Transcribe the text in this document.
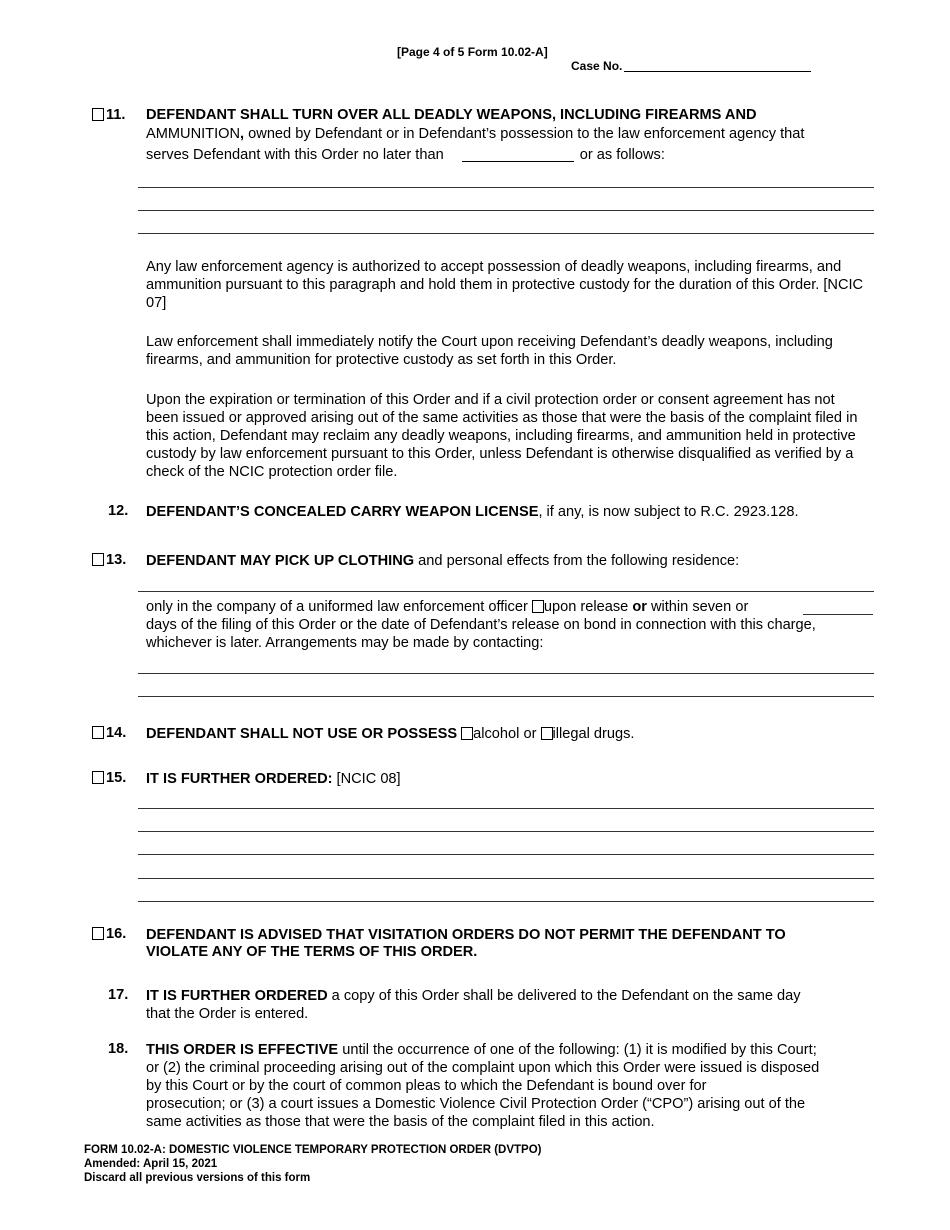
[Page 4 of 5 Form 10.02-A]
Case No.
11. DEFENDANT SHALL TURN OVER ALL DEADLY WEAPONS, INCLUDING FIREARMS AND
AMMUNITION, owned by Defendant or in Defendant’s possession to the law enforcement agency that
serves Defendant with this Order no later than	or as follows:
Any law enforcement agency is authorized to accept possession of deadly weapons, including firearms, and ammunition pursuant to this paragraph and hold them in protective custody for the duration of this Order. [NCIC 07]
Law enforcement shall immediately notify the Court upon receiving Defendant’s deadly weapons, including firearms, and ammunition for protective custody as set forth in this Order.
Upon the expiration or termination of this Order and if a civil protection order or consent agreement has not been issued or approved arising out of the same activities as those that were the basis of the complaint filed in this action, Defendant may reclaim any deadly weapons, including firearms, and ammunition held in protective custody by law enforcement pursuant to this Order, unless Defendant is otherwise disqualified as verified by a check of the NCIC protection order file.
12. DEFENDANT’S CONCEALED CARRY WEAPON LICENSE, if any, is now subject to R.C. 2923.128.
13. DEFENDANT MAY PICK UP CLOTHING and personal effects from the following residence:
only in the company of a uniformed law enforcement officer upon release or within seven or
days of the filing of this Order or the date of Defendant’s release on bond in connection with this charge,
whichever is later. Arrangements may be made by contacting:
14. DEFENDANT SHALL NOT USE OR POSSESS alcohol or illegal drugs.
15. IT IS FURTHER ORDERED: [NCIC 08]
16. DEFENDANT IS ADVISED THAT VISITATION ORDERS DO NOT PERMIT THE DEFENDANT TO
VIOLATE ANY OF THE TERMS OF THIS ORDER.
17. IT IS FURTHER ORDERED a copy of this Order shall be delivered to the Defendant on the same day
that the Order is entered.
18. THIS ORDER IS EFFECTIVE until the occurrence of one of the following: (1) it is modified by this Court;
or (2) the criminal proceeding arising out of the complaint upon which this Order were issued is disposed
by this Court or by the court of common pleas to which the Defendant is bound over for
prosecution; or (3) a court issues a Domestic Violence Civil Protection Order (“CPO”) arising out of the
same activities as those that were the basis of the complaint filed in this action.
FORM 10.02-A: DOMESTIC VIOLENCE TEMPORARY PROTECTION ORDER (DVTPO)
Amended: April 15, 2021
Discard all previous versions of this form
